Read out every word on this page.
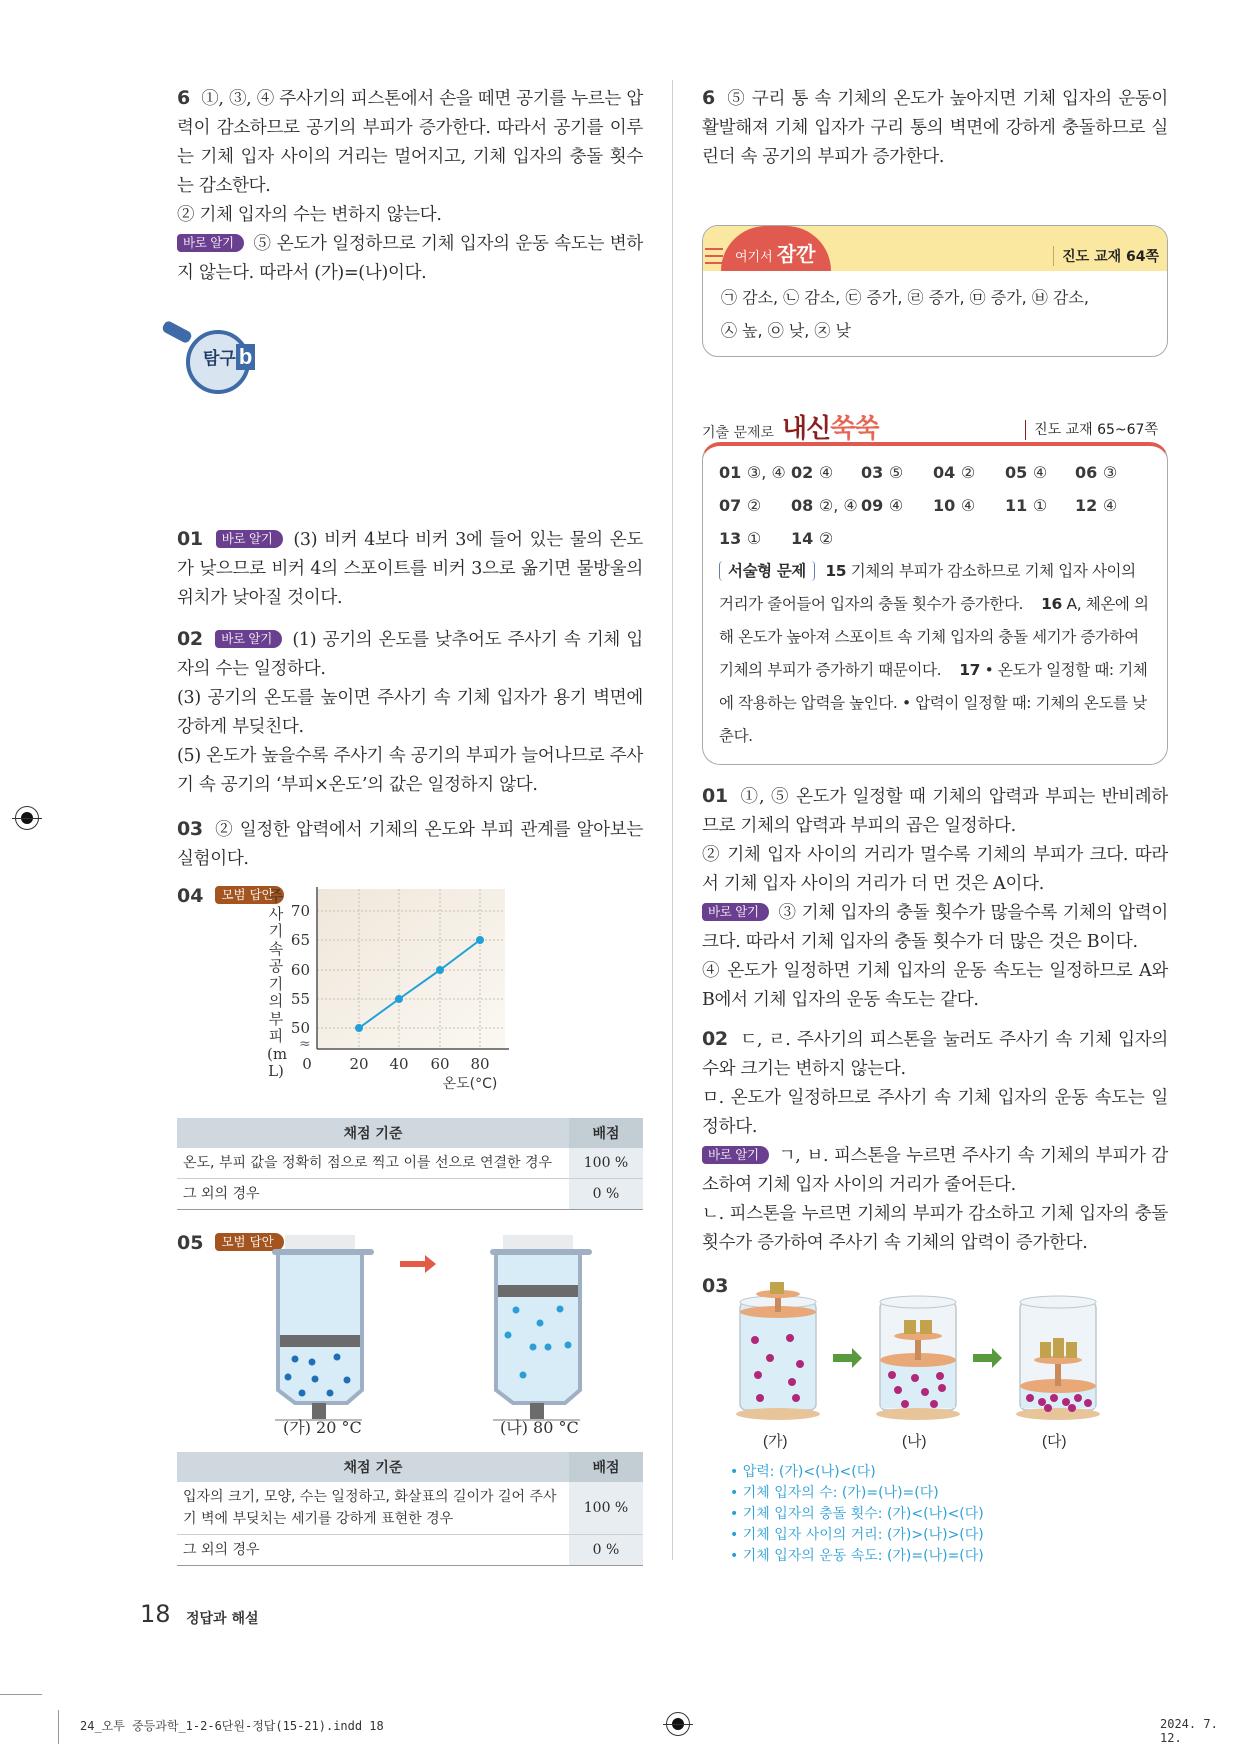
6 ①, ③, ④ 주사기의 피스톤에서 손을 떼면 공기를 누르는 압력이 감소하므로 공기의 부피가 증가한다. 따라서 공기를 이루는 기체 입자 사이의 거리는 멀어지고, 기체 입자의 충돌 횟수는 감소한다.
② 기체 입자의 수는 변하지 않는다.
바로 알기 ⑤ 온도가 일정하므로 기체 입자의 운동 속도는 변하지 않는다. 따라서 (가)=(나)이다.
탐구 b
진도 교재 62~63쪽
㉠ 증가, ㉡ 감소
01 (1) ○ (2) ○ (3) × (4) ○ 02 (1) × (2) ○ (3) × (4) ○
(5) × 03 ③ 04 해설 참조 05 해설 참조 06 ⑤
01 바로 알기 (3) 비커 4보다 비커 3에 들어 있는 물의 온도가 낮으므로 비커 4의 스포이트를 비커 3으로 옮기면 물방울의 위치가 낮아질 것이다.
02 바로 알기 (1) 공기의 온도를 낮추어도 주사기 속 기체 입자의 수는 일정하다.
(3) 공기의 온도를 높이면 주사기 속 기체 입자가 용기 벽면에 강하게 부딪친다.
(5) 온도가 높을수록 주사기 속 공기의 부피가 늘어나므로 주사기 속 공기의 ‘부피×온도’의 값은 일정하지 않다.
03 ② 일정한 압력에서 기체의 온도와 부피 관계를 알아보는 실험이다.
04 모범 답안
70
65
60
55
50
≈
0	20 40 60 80
온도(°C)
주사기 속 공기의 부피(mL)
채점 기준	배점
온도, 부피 값을 정확히 점으로 찍고 이를 선으로 연결한 경우	100 %
그 외의 경우	0 %
05 모범 답안
(가) 20 °C	(나) 80 °C
채점 기준	배점
입자의 크기, 모양, 수는 일정하고, 화살표의 길이가 길어 주사기 벽에 부딪치는 세기를 강하게 표현한 경우	100 %
그 외의 경우	0 %
6 ⑤ 구리 통 속 기체의 온도가 높아지면 기체 입자의 운동이 활발해져 기체 입자가 구리 통의 벽면에 강하게 충돌하므로 실린더 속 공기의 부피가 증가한다.
여기서 잠깐	진도 교재 64쪽
㉠ 감소, ㉡ 감소, ㉢ 증가, ㉣ 증가, ㉤ 증가, ㉥ 감소,
㉦ 높, ㉧ 낮, ㉨ 낮
기출 문제로 내신쑥쑥	진도 교재 65~67쪽
01 ③, ④ 02 ④	03 ⑤	04 ②	05 ④	06 ③
07 ②	08 ②, ④ 09 ④	10 ④	11 ①	12 ④
13 ①	14 ②
서술형 문제 15 기체의 부피가 감소하므로 기체 입자 사이의 거리가 줄어들어 입자의 충돌 횟수가 증가한다. 16 A, 체온에 의해 온도가 높아져 스포이트 속 기체 입자의 충돌 세기가 증가하여 기체의 부피가 증가하기 때문이다. 17 • 온도가 일정할 때: 기체에 작용하는 압력을 높인다. • 압력이 일정할 때: 기체의 온도를 낮춘다.
01 ①, ⑤ 온도가 일정할 때 기체의 압력과 부피는 반비례하므로 기체의 압력과 부피의 곱은 일정하다.
② 기체 입자 사이의 거리가 멀수록 기체의 부피가 크다. 따라서 기체 입자 사이의 거리가 더 먼 것은 A이다.
바로 알기 ③ 기체 입자의 충돌 횟수가 많을수록 기체의 압력이 크다. 따라서 기체 입자의 충돌 횟수가 더 많은 것은 B이다.
④ 온도가 일정하면 기체 입자의 운동 속도는 일정하므로 A와 B에서 기체 입자의 운동 속도는 같다.
02 ㄷ, ㄹ. 주사기의 피스톤을 눌러도 주사기 속 기체 입자의 수와 크기는 변하지 않는다.
ㅁ. 온도가 일정하므로 주사기 속 기체 입자의 운동 속도는 일정하다.
바로 알기 ㄱ, ㅂ. 피스톤을 누르면 주사기 속 기체의 부피가 감소하여 기체 입자 사이의 거리가 줄어든다.
ㄴ. 피스톤을 누르면 기체의 부피가 감소하고 기체 입자의 충돌 횟수가 증가하여 주사기 속 기체의 압력이 증가한다.
03
(가)	(나)	(다)
• 압력: (가)<(나)<(다)
• 기체 입자의 수: (가)=(나)=(다)
• 기체 입자의 충돌 횟수: (가)<(나)<(다)
• 기체 입자 사이의 거리: (가)>(나)>(다)
• 기체 입자의 운동 속도: (가)=(나)=(다)
18 정답과 해설
24_오투 중등과학_1-2-6단원-정답(15-21).indd 18	2024. 7. 12.
